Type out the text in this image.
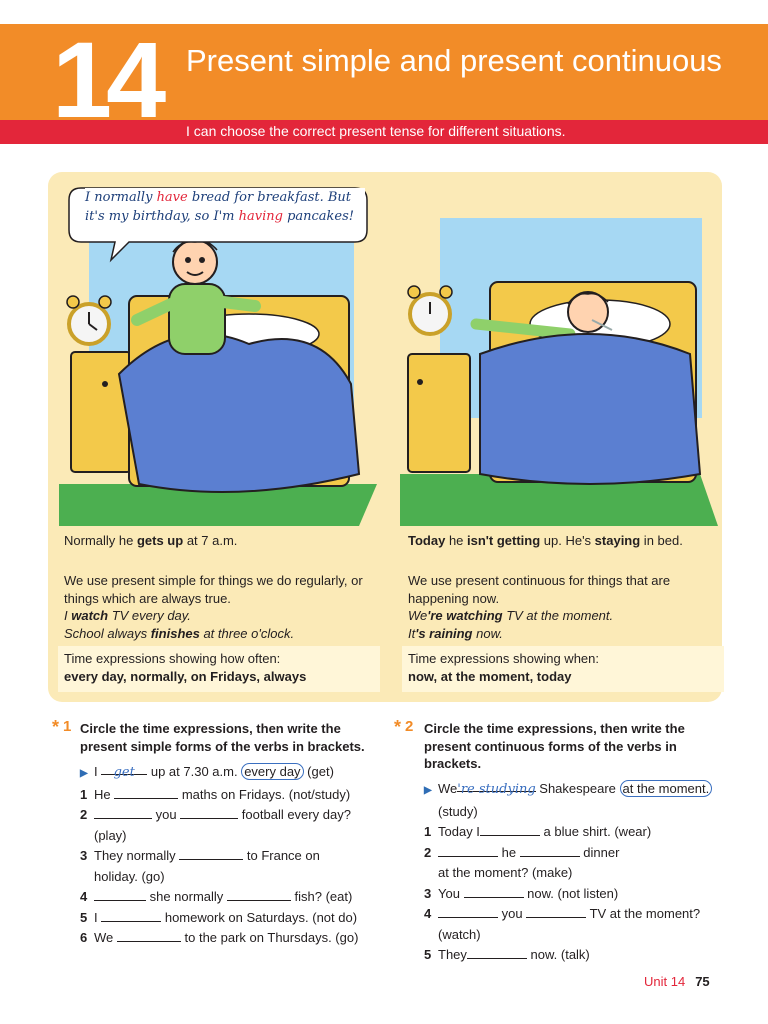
14 Present simple and present continuous
I can choose the correct present tense for different situations.
I normally have bread for breakfast. But it's my birthday, so I'm having pancakes!
Normally he gets up at 7 a.m.	Today he isn't getting up. He's staying in bed.
We use present simple for things we do regularly, or things which are always true.
I watch TV every day.
School always finishes at three o'clock.
We use present continuous for things that are happening now.
We're watching TV at the moment.
It's raining now.
Time expressions showing how often:
every day, normally, on Fridays, always
Time expressions showing when:
now, at the moment, today
* 1 Circle the time expressions, then write the present simple forms of the verbs in brackets.
▶ I get up at 7.30 a.m. every day (get)
1 He	maths on Fridays. (not/study)
2	you	football every day?
(play)
3 They normally	to France on
holiday. (go)
4	she normally	fish? (eat)
5 I	homework on Saturdays. (not do)
6 We	to the park on Thursdays. (go)
* 2 Circle the time expressions, then write the present continuous forms of the verbs in brackets.
▶ We're studying Shakespeare at the moment.
(study)
1 Today I	a blue shirt. (wear)
2	he	dinner
at the moment? (make)
3 You	now. (not listen)
4	you	TV at the moment?
(watch)
5 They	now. (talk)
Unit 14 75
